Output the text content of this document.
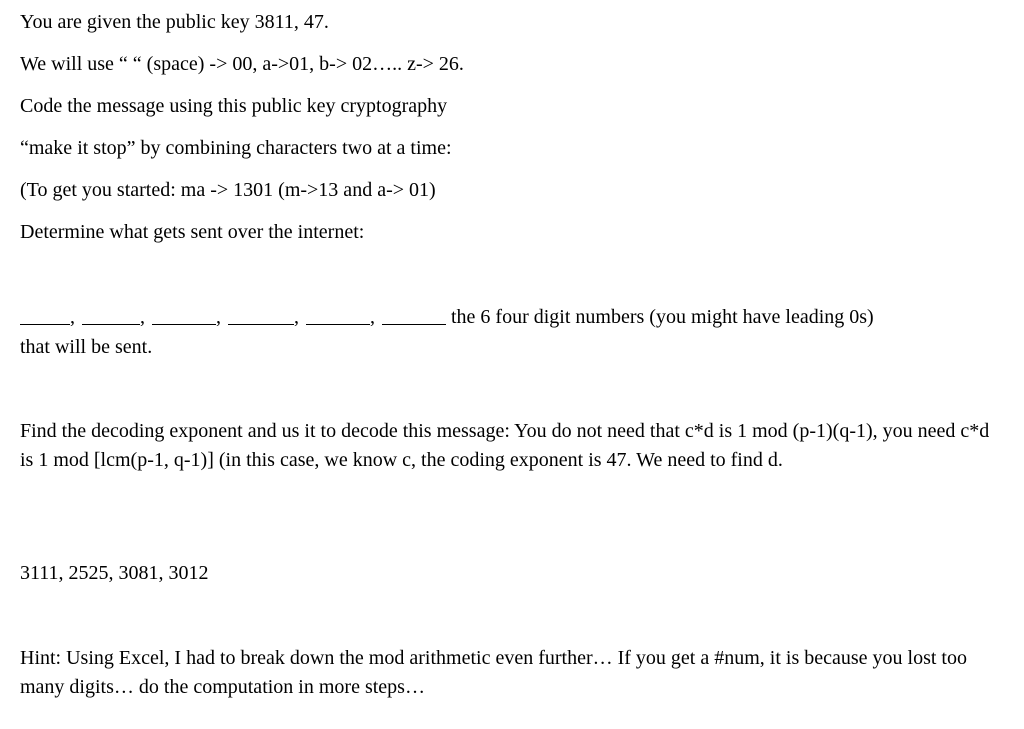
You are given the public key 3811, 47.
We will use “ “ (space) -> 00, a->01, b-> 02….. z-> 26.
Code the message using this public key cryptography
“make it stop” by combining characters two at a time:
(To get you started: ma -> 1301 (m->13 and a-> 01)
Determine what gets sent over the internet:
,	,	,	,	,	the 6 four digit numbers (you might have leading 0s)
that will be sent.
Find the decoding exponent and us it to decode this message: You do not need that c*d is 1 mod (p-1)(q-1), you need c*d is 1 mod [lcm(p-1, q-1)] (in this case, we know c, the coding exponent is 47. We need to find d.
3111, 2525, 3081, 3012
Hint: Using Excel, I had to break down the mod arithmetic even further… If you get a #num, it is because you lost too many digits… do the computation in more steps…
